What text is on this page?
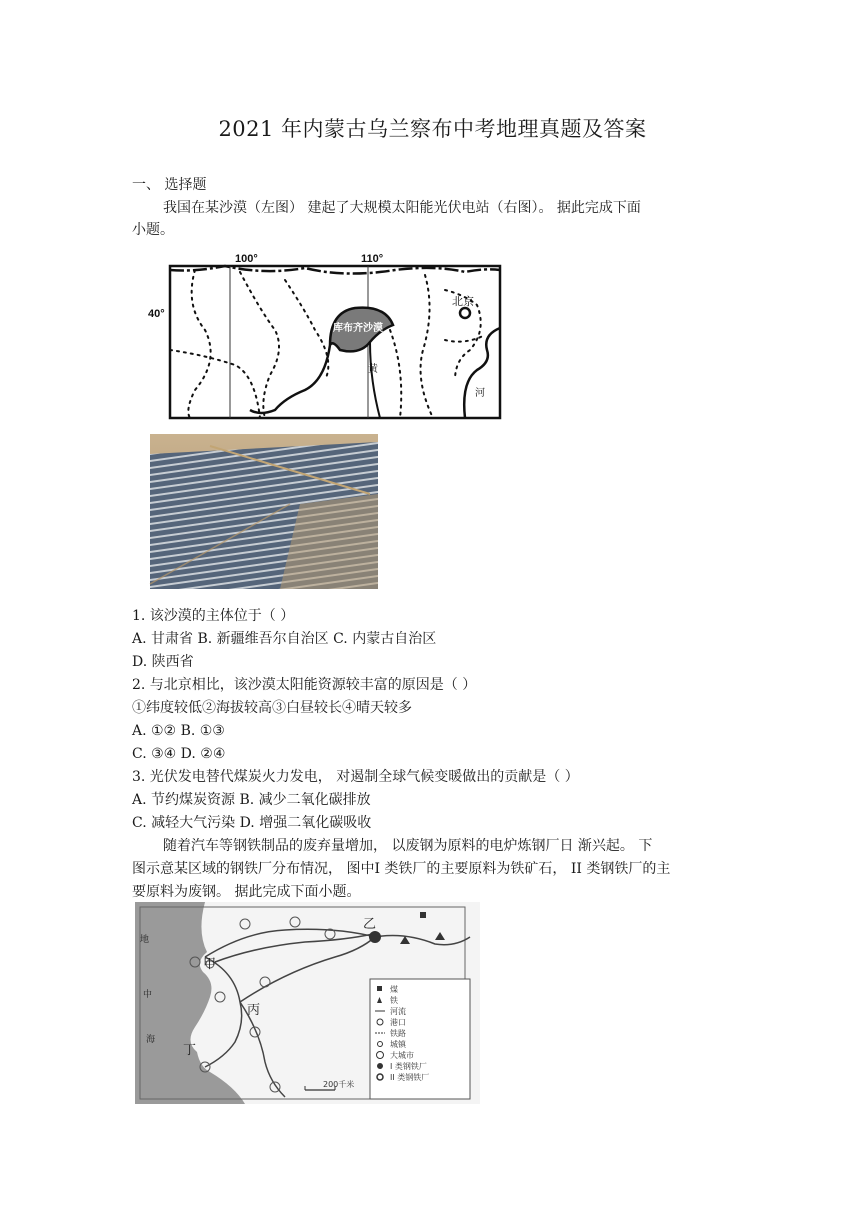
2021 年内蒙古乌兰察布中考地理真题及答案
一、 选择题
我国在某沙漠（左图） 建起了大规模太阳能光伏电站（右图）。 据此完成下面
小题。
100°	110°
40°
北京
库布齐沙漠
黄
河
1. 该沙漠的主体位于（ ）
A. 甘肃省 B. 新疆维吾尔自治区 C. 内蒙古自治区
D. 陕西省
2. 与北京相比，该沙漠太阳能资源较丰富的原因是（ ）
①纬度较低②海拔较高③白昼较长④晴天较多
A. ①② B. ①③
C. ③④ D. ②④
3. 光伏发电替代煤炭火力发电， 对遏制全球气候变暖做出的贡献是（ ）
A. 节约煤炭资源 B. 减少二氧化碳排放
C. 减轻大气污染 D. 增强二氧化碳吸收
随着汽车等钢铁制品的废弃量增加， 以废钢为原料的电炉炼钢厂日 渐兴起。 下
图示意某区域的钢铁厂分布情况， 图中I 类铁厂的主要原料为铁矿石， II 类钢铁厂的主
要原料为废钢。 据此完成下面小题。
地
中
海
甲
乙
丙
丁
煤
铁
河流
港口
铁路
城镇
大城市
I 类钢铁厂
II 类钢铁厂
200千米
